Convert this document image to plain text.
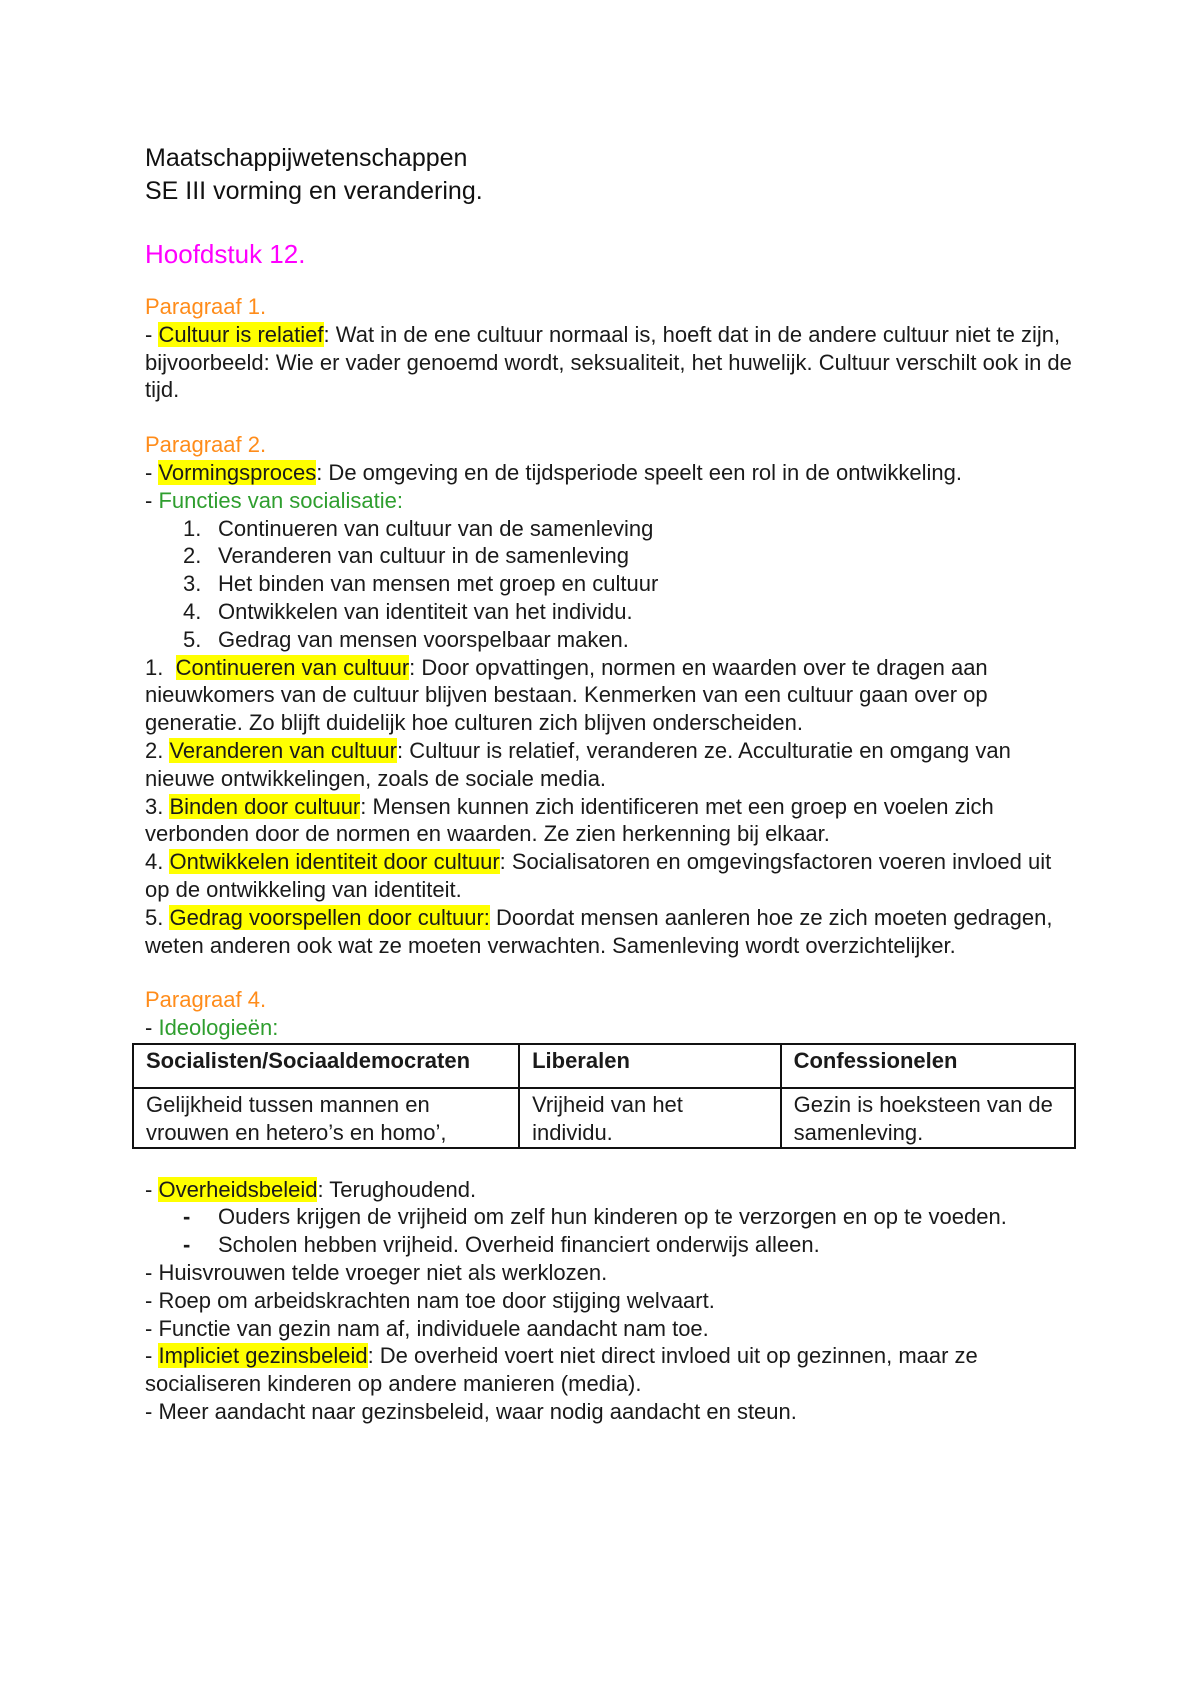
Maatschappijwetenschappen
SE III vorming en verandering.
Hoofdstuk 12.
Paragraaf 1.

- Cultuur is relatief: Wat in de ene cultuur normaal is, hoeft dat in de andere cultuur niet te zijn, bijvoorbeeld: Wie er vader genoemd wordt, seksualiteit, het huwelijk. Cultuur verschilt ook in de tijd.

Paragraaf 2.

- Vormingsproces: De omgeving en de tijdsperiode speelt een rol in de ontwikkeling.

- Functies van socialisatie:

1. Continueren van cultuur van de samenleving
2. Veranderen van cultuur in de samenleving
3. Het binden van mensen met groep en cultuur
4. Ontwikkelen van identiteit van het individu.
5. Gedrag van mensen voorspelbaar maken.

1.  Continueren van cultuur: Door opvattingen, normen en waarden over te dragen aan nieuwkomers van de cultuur blijven bestaan. Kenmerken van een cultuur gaan over op generatie. Zo blijft duidelijk hoe culturen zich blijven onderscheiden.

2. Veranderen van cultuur: Cultuur is relatief, veranderen ze. Acculturatie en omgang van nieuwe ontwikkelingen, zoals de sociale media.

3. Binden door cultuur: Mensen kunnen zich identificeren met een groep en voelen zich verbonden door de normen en waarden. Ze zien herkenning bij elkaar.

4. Ontwikkelen identiteit door cultuur: Socialisatoren en omgevingsfactoren voeren invloed uit op de ontwikkeling van identiteit.

5. Gedrag voorspellen door cultuur: Doordat mensen aanleren hoe ze zich moeten gedragen, weten anderen ook wat ze moeten verwachten. Samenleving wordt overzichtelijker.

Paragraaf 4.

- Ideologieën:

Socialisten/Sociaaldemocraten	Liberalen	Confessionelen
Gelijkheid tussen mannen en vrouwen en hetero’s en homo’,	Vrijheid van het individu.	Gezin is hoeksteen van de samenleving.

- Overheidsbeleid: Terughoudend.

- Ouders krijgen de vrijheid om zelf hun kinderen op te verzorgen en op te voeden.
- Scholen hebben vrijheid. Overheid financiert onderwijs alleen.

- Huisvrouwen telde vroeger niet als werklozen.

- Roep om arbeidskrachten nam toe door stijging welvaart.

- Functie van gezin nam af, individuele aandacht nam toe.

- Impliciet gezinsbeleid: De overheid voert niet direct invloed uit op gezinnen, maar ze socialiseren kinderen op andere manieren (media).

- Meer aandacht naar gezinsbeleid, waar nodig aandacht en steun.
